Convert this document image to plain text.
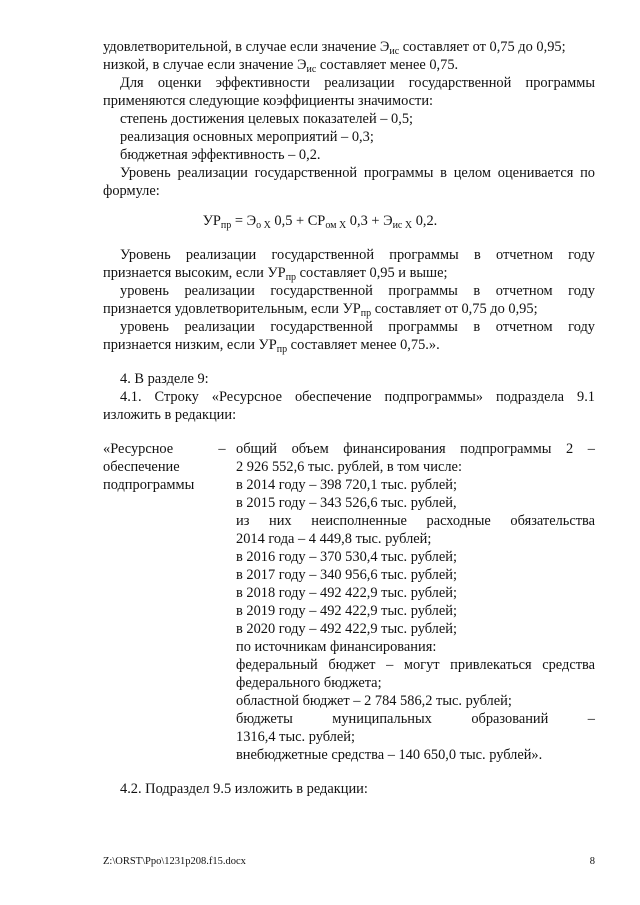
удовлетворительной, в случае если значение $Э_{ис}$ составляет от 0,75 до 0,95;
низкой, в случае если значение $Э_{ис}$ составляет менее 0,75.
Для оценки эффективности реализации государственной программы
применяются следующие коэффициенты значимости:
степень достижения целевых показателей – 0,5;
реализация основных мероприятий – 0,3;
бюджетная эффективность – 0,2.
Уровень реализации государственной программы в целом оценивается по
формуле:
$УР_{пр} = Э_{о Х}$ $0,5 + СР_{ом Х}$ $0,3 + Э_{ис Х}$ 0,2.
Уровень реализации государственной программы в отчетном году
признается высоким, если $УР_{пр}$ составляет 0,95 и выше;
уровень реализации государственной программы в отчетном году
признается удовлетворительным, если $УР_{пр}$ составляет от 0,75 до 0,95;
уровень реализации государственной программы в отчетном году
признается низким, если $УР_{пр}$ составляет менее 0,75.».
4. В разделе 9:
4.1. Строку «Ресурсное обеспечение подпрограммы» подраздела 9.1
изложить в редакции:
«Ресурсное
обеспечение
подпрограммы
– общий объем финансирования подпрограммы 2 –
2 926 552,6 тыс. рублей, в том числе:
в 2014 году – 398 720,1 тыс. рублей;
в 2015 году – 343 526,6 тыс. рублей,
из них неисполненные расходные обязательства
2014 года – 4 449,8 тыс. рублей;
в 2016 году – 370 530,4 тыс. рублей;
в 2017 году – 340 956,6 тыс. рублей;
в 2018 году – 492 422,9 тыс. рублей;
в 2019 году – 492 422,9 тыс. рублей;
в 2020 году – 492 422,9 тыс. рублей;
по источникам финансирования:
федеральный бюджет – могут привлекаться средства
федерального бюджета;
областной бюджет – 2 784 586,2 тыс. рублей;
бюджеты муниципальных образований –
1316,4 тыс. рублей;
внебюджетные средства – 140 650,0 тыс. рублей».
4.2. Подраздел 9.5 изложить в редакции:
Z:\ORST\Ppo\1231p208.f15.docx	8
